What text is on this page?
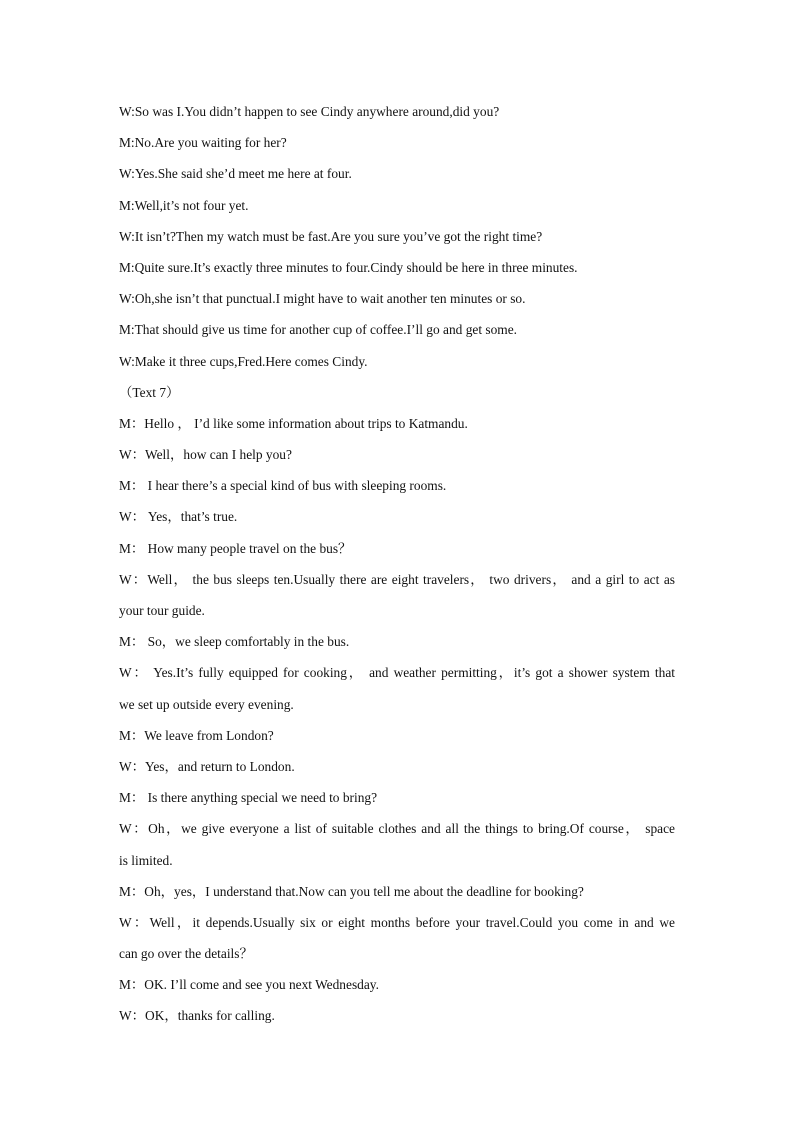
W:So was I.You didn’t happen to see Cindy anywhere around,did you?
M:No.Are you waiting for her?
W:Yes.She said she’d meet me here at four.
M:Well,it’s not four yet.
W:It isn’t?Then my watch must be fast.Are you sure you’ve got the right time?
M:Quite sure.It’s exactly three minutes to four.Cindy should be here in three minutes.
W:Oh,she isn’t that punctual.I might have to wait another ten minutes or so.
M:That should give us time for another cup of coffee.I’ll go and get some.
W:Make it three cups,Fred.Here comes Cindy.
（Text 7）
M：Hello ， I’d like some information about trips to Katmandu.
W：Well，how can I help you?
M： I hear there’s a special kind of bus with sleeping rooms.
W： Yes，that’s true.
M： How many people travel on the bus？
W：Well， the bus sleeps ten.Usually there are eight travelers， two drivers， and a girl to act as
your tour guide.
M： So，we sleep comfortably in the bus.
W： Yes.It’s fully equipped for cooking， and weather permitting，it’s got a shower system that
we set up outside every evening.
M：We leave from London?
W：Yes，and return to London.
M： Is there anything special we need to bring?
W：Oh，we give everyone a list of suitable clothes and all the things to bring.Of course， space
is limited.
M：Oh，yes，I understand that.Now can you tell me about the deadline for booking?
W：Well，it depends.Usually six or eight months before your travel.Could you come in and we
can go over the details？
M：OK. I’ll come and see you next Wednesday.
W：OK，thanks for calling.
